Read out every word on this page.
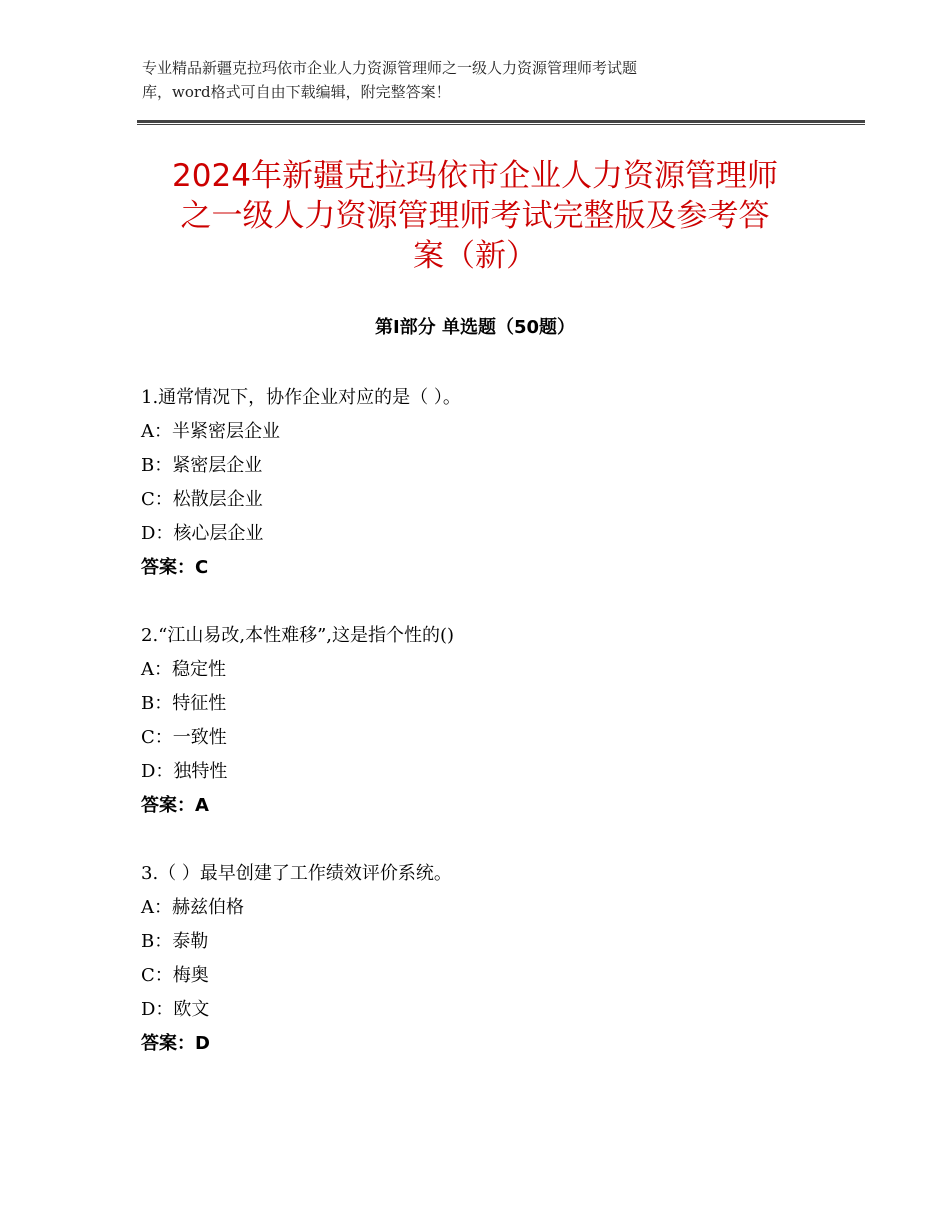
专业精品新疆克拉玛依市企业人力资源管理师之一级人力资源管理师考试题
库，word格式可自由下载编辑，附完整答案！
2024年新疆克拉玛依市企业人力资源管理师
之一级人力资源管理师考试完整版及参考答
案（新）
第Ⅰ部分 单选题（50题）
1.通常情况下，协作企业对应的是（ ）。
A：半紧密层企业
B：紧密层企业
C：松散层企业
D：核心层企业
答案：C
2.“江山易改,本性难移”,这是指个性的()
A：稳定性
B：特征性
C：一致性
D：独特性
答案：A
3.（ ）最早创建了工作绩效评价系统。
A：赫兹伯格
B：泰勒
C：梅奥
D：欧文
答案：D
